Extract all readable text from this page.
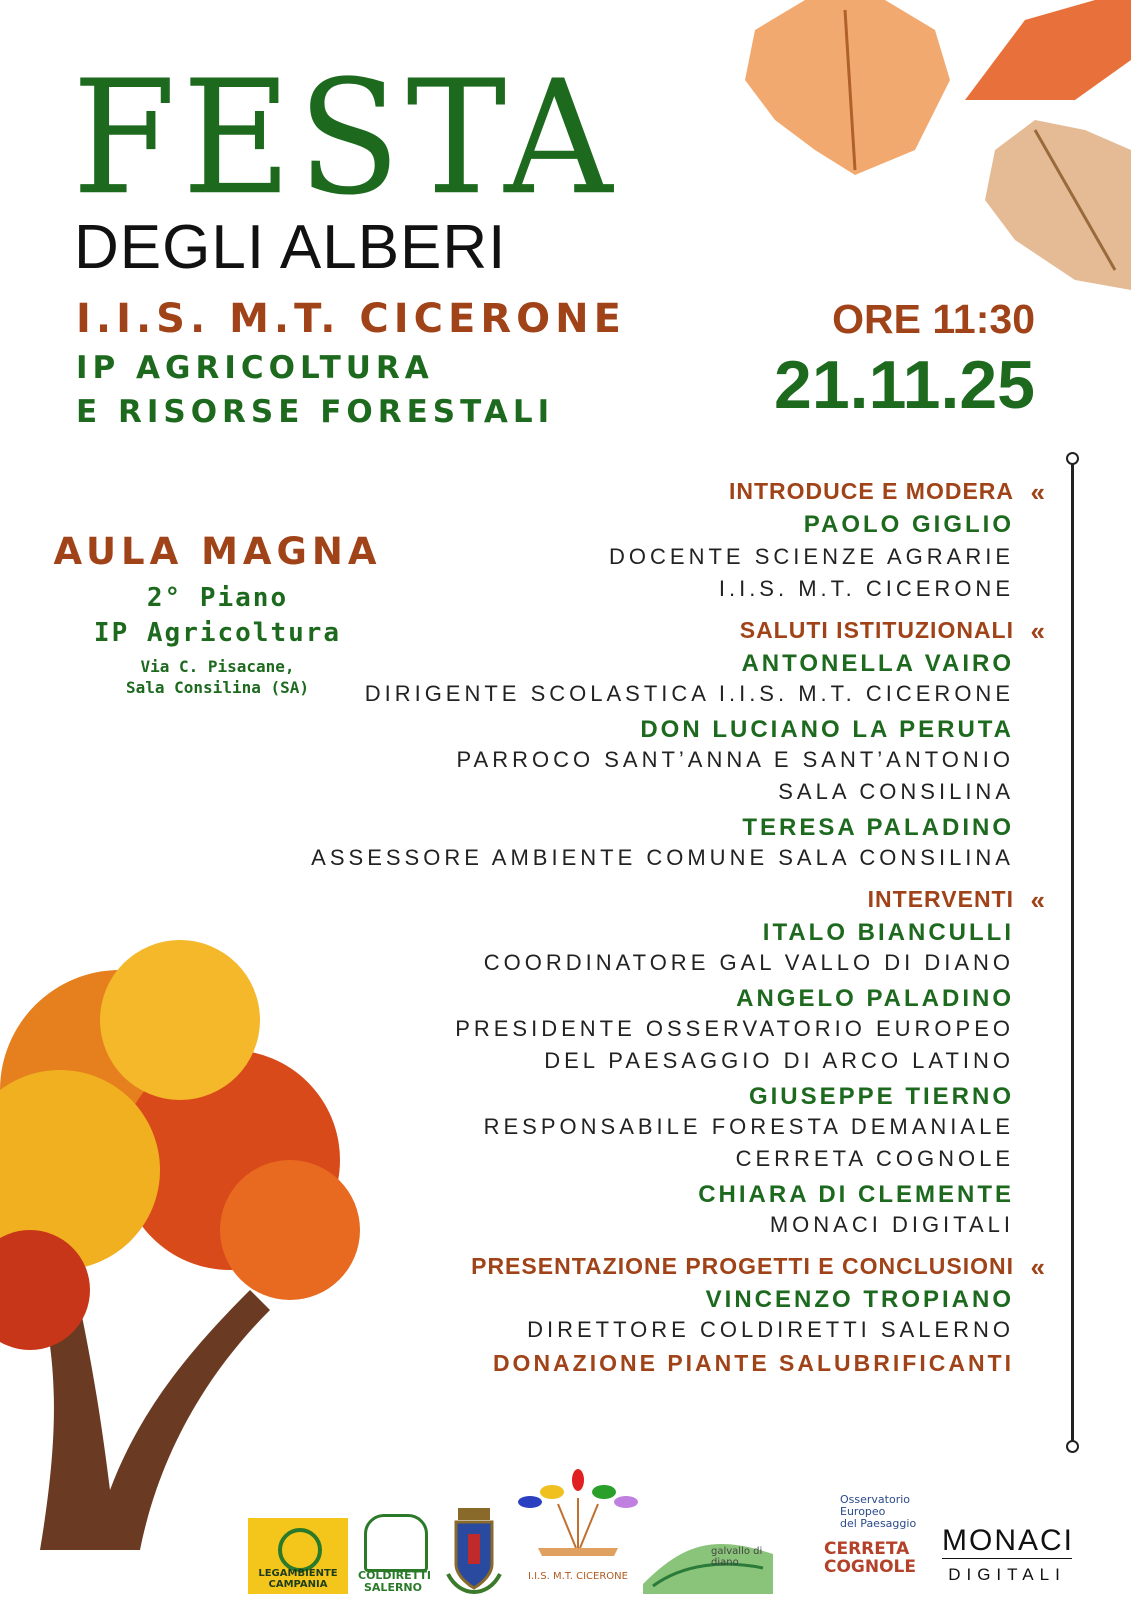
FESTA
DEGLI ALBERI
I.I.S. M.T. CICERONE
IP AGRICOLTURA
E RISORSE FORESTALI
ORE 11:30
21.11.25
AULA MAGNA
2° Piano
IP Agricoltura
Via C. Pisacane,
Sala Consilina (SA)
INTRODUCE E MODERA «
PAOLO GIGLIO
DOCENTE SCIENZE AGRARIE
I.I.S. M.T. CICERONE
SALUTI ISTITUZIONALI «
ANTONELLA VAIRO
DIRIGENTE SCOLASTICA I.I.S. M.T. CICERONE
DON LUCIANO LA PERUTA
PARROCO SANT’ANNA E SANT’ANTONIO
SALA CONSILINA
TERESA PALADINO
ASSESSORE AMBIENTE COMUNE SALA CONSILINA
INTERVENTI «
ITALO BIANCULLI
COORDINATORE GAL VALLO DI DIANO
ANGELO PALADINO
PRESIDENTE OSSERVATORIO EUROPEO
DEL PAESAGGIO DI ARCO LATINO
GIUSEPPE TIERNO
RESPONSABILE FORESTA DEMANIALE
CERRETA COGNOLE
CHIARA DI CLEMENTE
MONACI DIGITALI
PRESENTAZIONE PROGETTI E CONCLUSIONI «
VINCENZO TROPIANO
DIRETTORE COLDIRETTI SALERNO
DONAZIONE PIANTE SALUBRIFICANTI
LEGAMBIENTE
CAMPANIA
COLDIRETTI
SALERNO
I.I.S. M.T. CICERONE
galvallo di diano
Osservatorio Europeo
del Paesaggio
CERRETA
COGNOLE
MONACI
DIGITALI
